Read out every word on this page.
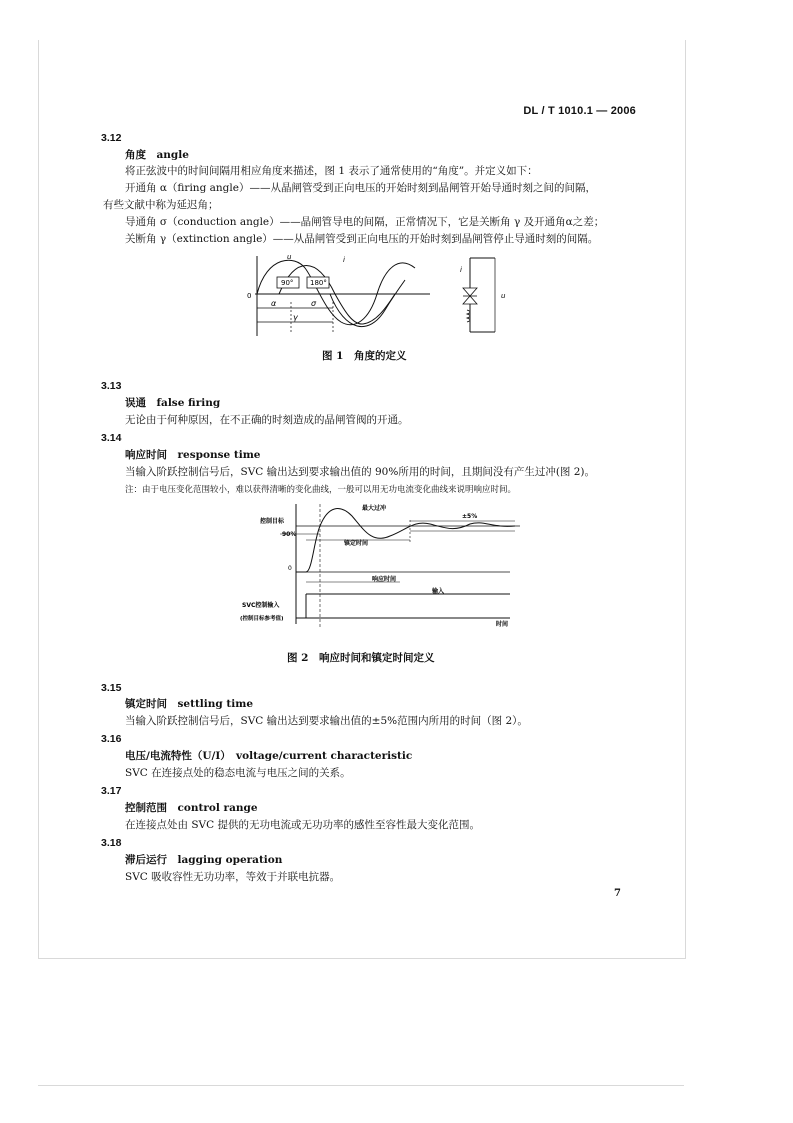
DL / T 1010.1 — 2006
3.12
角度　angle
将正弦波中的时间间隔用相应角度来描述，图 1 表示了通常使用的“角度”。并定义如下：
开通角 α（firing angle）——从晶闸管受到正向电压的开始时刻到晶闸管开始导通时刻之间的间隔，
有些文献中称为延迟角；
导通角 σ（conduction angle）——晶闸管导电的间隔，正常情况下，它是关断角 γ 及开通角α之差；
关断角 γ（extinction angle）——从晶闸管受到正向电压的开始时刻到晶闸管停止导通时刻的间隔。
90° 180°
u	i
0
α	σ
γ
i
u
图 1　角度的定义
3.13
误通　false firing
无论由于何种原因，在不正确的时刻造成的晶闸管阀的开通。
3.14
响应时间　response time
当输入阶跃控制信号后，SVC 输出达到要求输出值的 90%所用的时间，且期间没有产生过冲(图 2)。
注：由于电压变化范围较小，难以获得清晰的变化曲线，一般可以用无功电流变化曲线来说明响应时间。
控制目标
90%
0
最大过冲
±5%
镇定时间
响应时间
输入
SVC控制输入
(控制目标参考值)
时间
图 2　响应时间和镇定时间定义
3.15
镇定时间　settling time
当输入阶跃控制信号后，SVC 输出达到要求输出值的±5%范围内所用的时间（图 2）。
3.16
电压/电流特性（U/I）　voltage/current characteristic
SVC 在连接点处的稳态电流与电压之间的关系。
3.17
控制范围　control range
在连接点处由 SVC 提供的无功电流或无功功率的感性至容性最大变化范围。
3.18
滞后运行　lagging operation
SVC 吸收容性无功功率，等效于并联电抗器。
7
